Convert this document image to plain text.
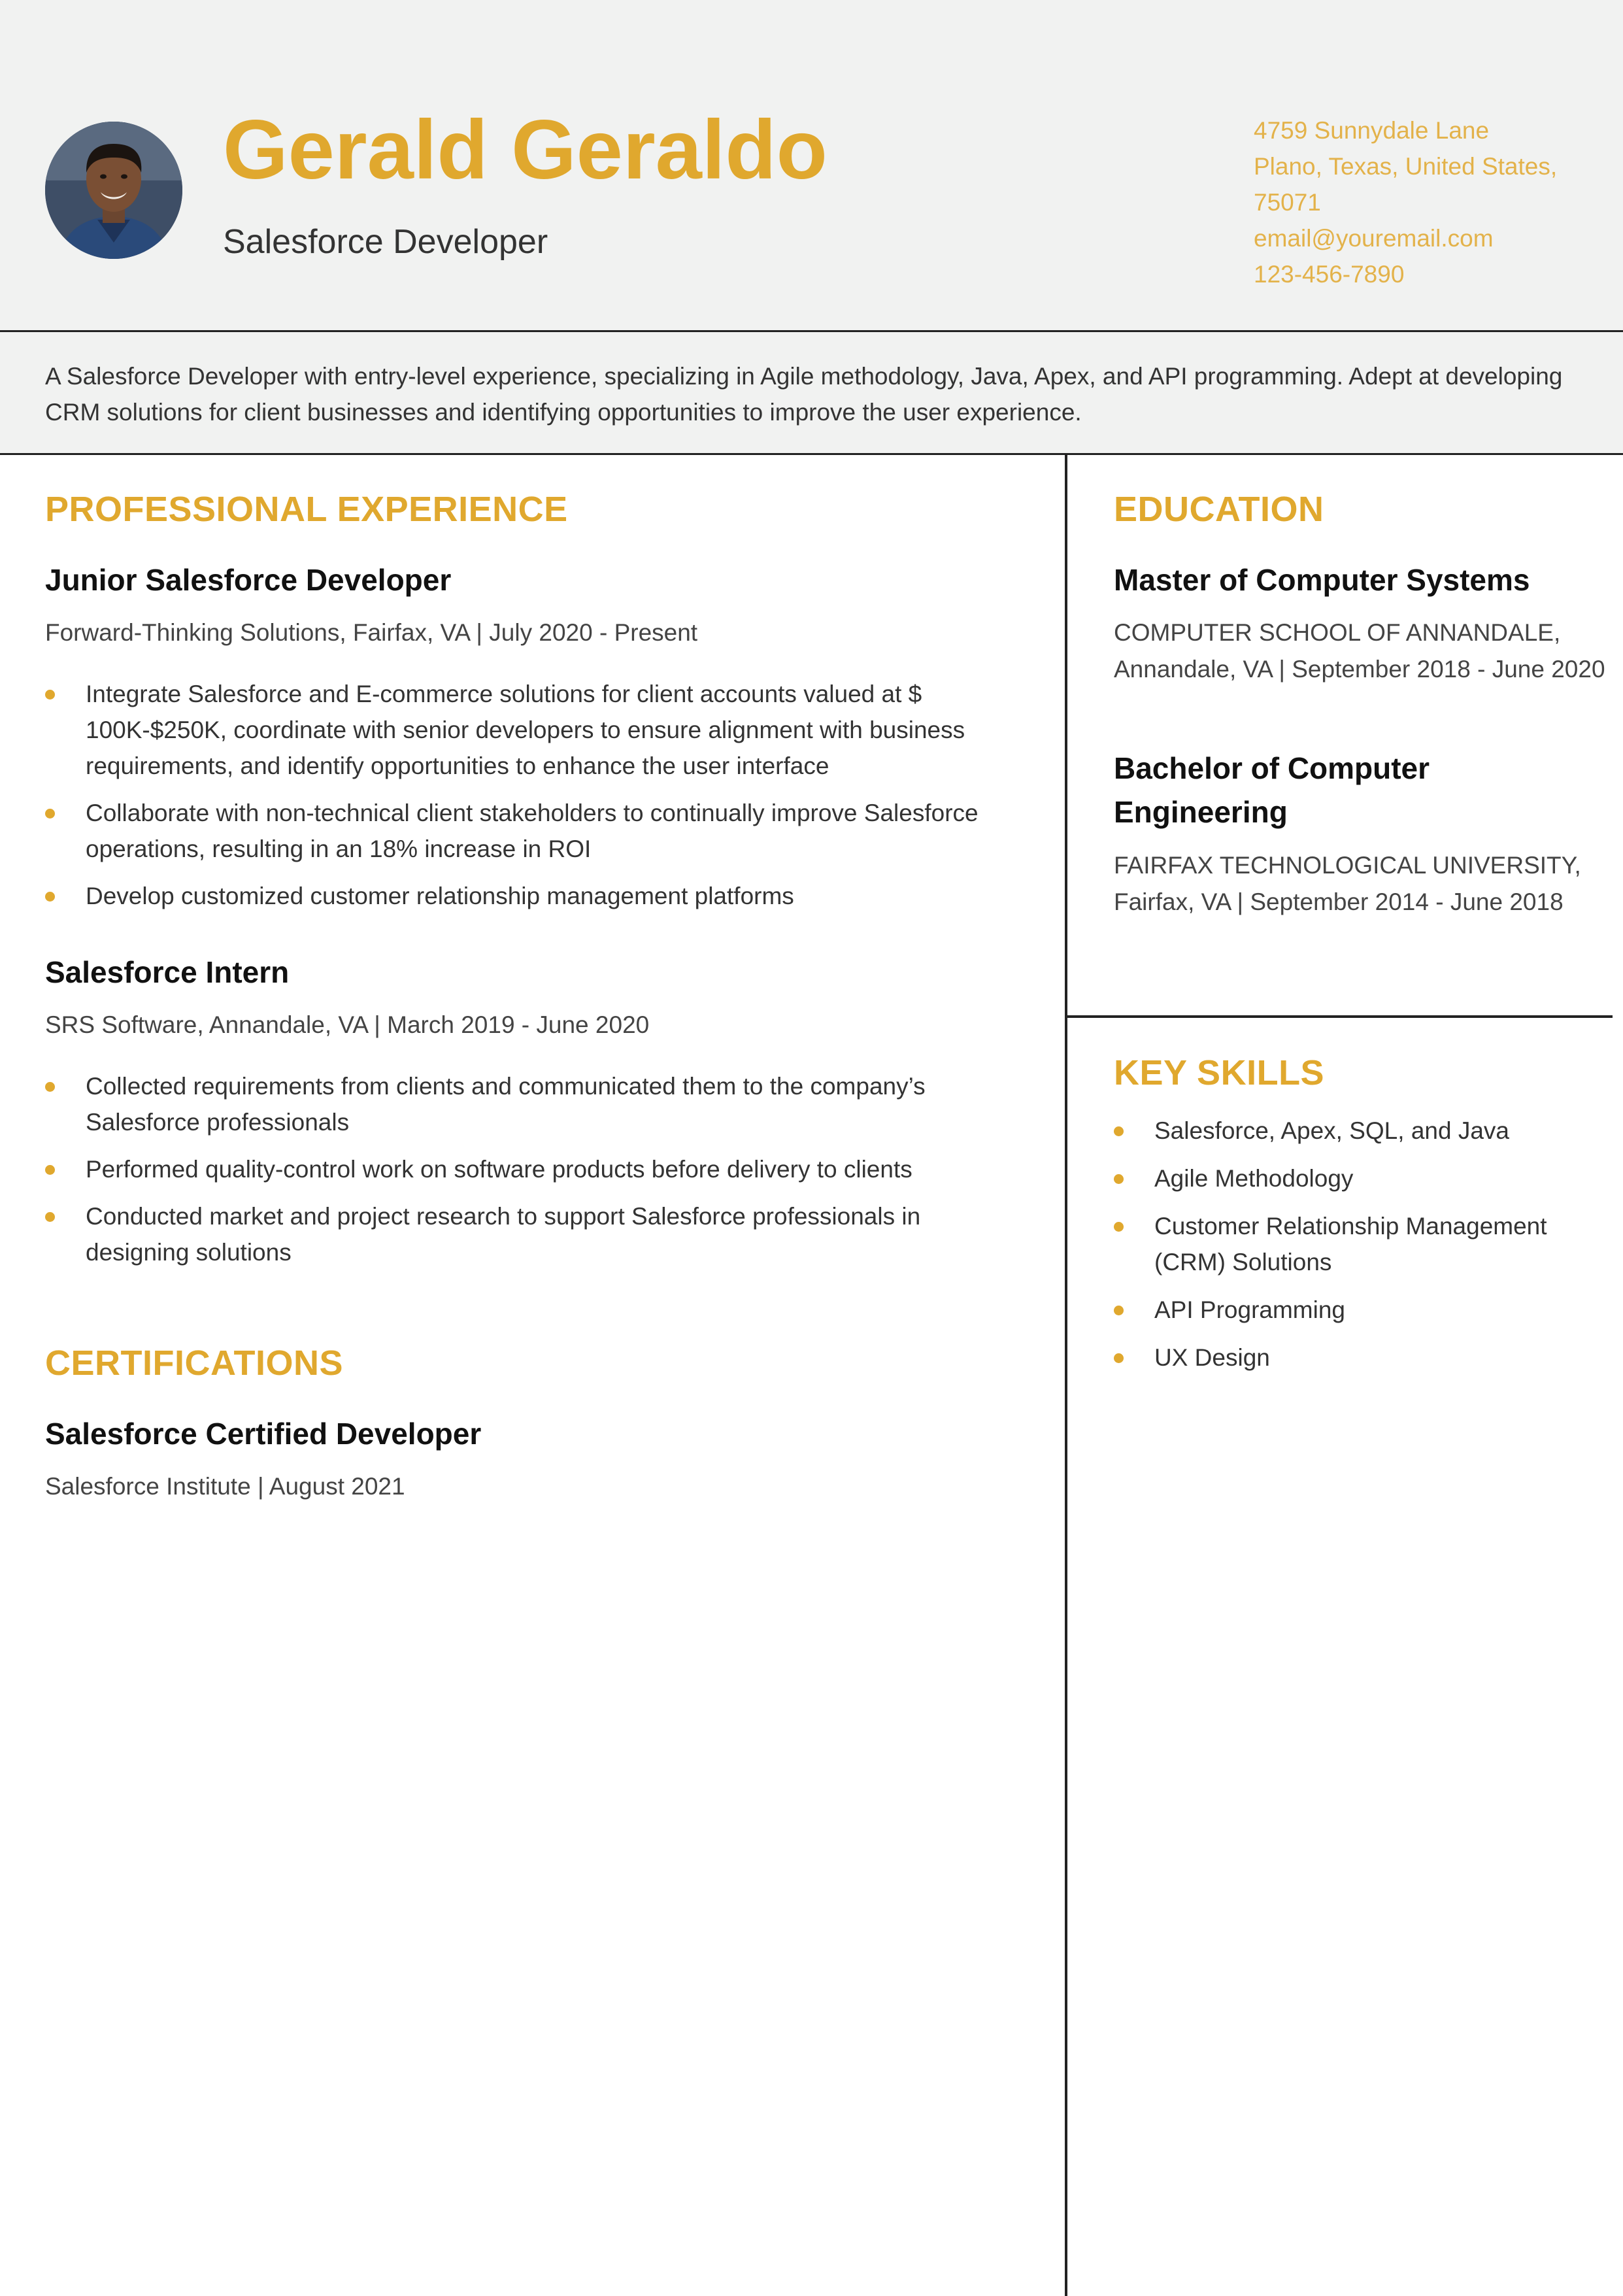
Gerald Geraldo
Salesforce Developer
4759 Sunnydale Lane
Plano, Texas, United States,
75071
email@youremail.com
123-456-7890

A Salesforce Developer with entry-level experience, specializing in Agile methodology, Java, Apex, and API programming. Adept at developing CRM solutions for client businesses and identifying opportunities to improve the user experience.

PROFESSIONAL EXPERIENCE
Junior Salesforce Developer
Forward-Thinking Solutions, Fairfax, VA | July 2020 - Present
Integrate Salesforce and E-commerce solutions for client accounts valued at $ 100K-$250K, coordinate with senior developers to ensure alignment with business requirements, and identify opportunities to enhance the user interface
Collaborate with non-technical client stakeholders to continually improve Salesforce operations, resulting in an 18% increase in ROI
Develop customized customer relationship management platforms
Salesforce Intern
SRS Software, Annandale, VA | March 2019 - June 2020
Collected requirements from clients and communicated them to the company’s Salesforce professionals
Performed quality-control work on software products before delivery to clients
Conducted market and project research to support Salesforce professionals in designing solutions
CERTIFICATIONS
Salesforce Certified Developer
Salesforce Institute | August 2021
EDUCATION
Master of Computer Systems
COMPUTER SCHOOL OF ANNANDALE,
Annandale, VA | September 2018 - June 2020
Bachelor of Computer Engineering
FAIRFAX TECHNOLOGICAL UNIVERSITY,
Fairfax, VA | September 2014 - June 2018
KEY SKILLS
Salesforce, Apex, SQL, and Java
Agile Methodology
Customer Relationship Management (CRM) Solutions
API Programming
UX Design
